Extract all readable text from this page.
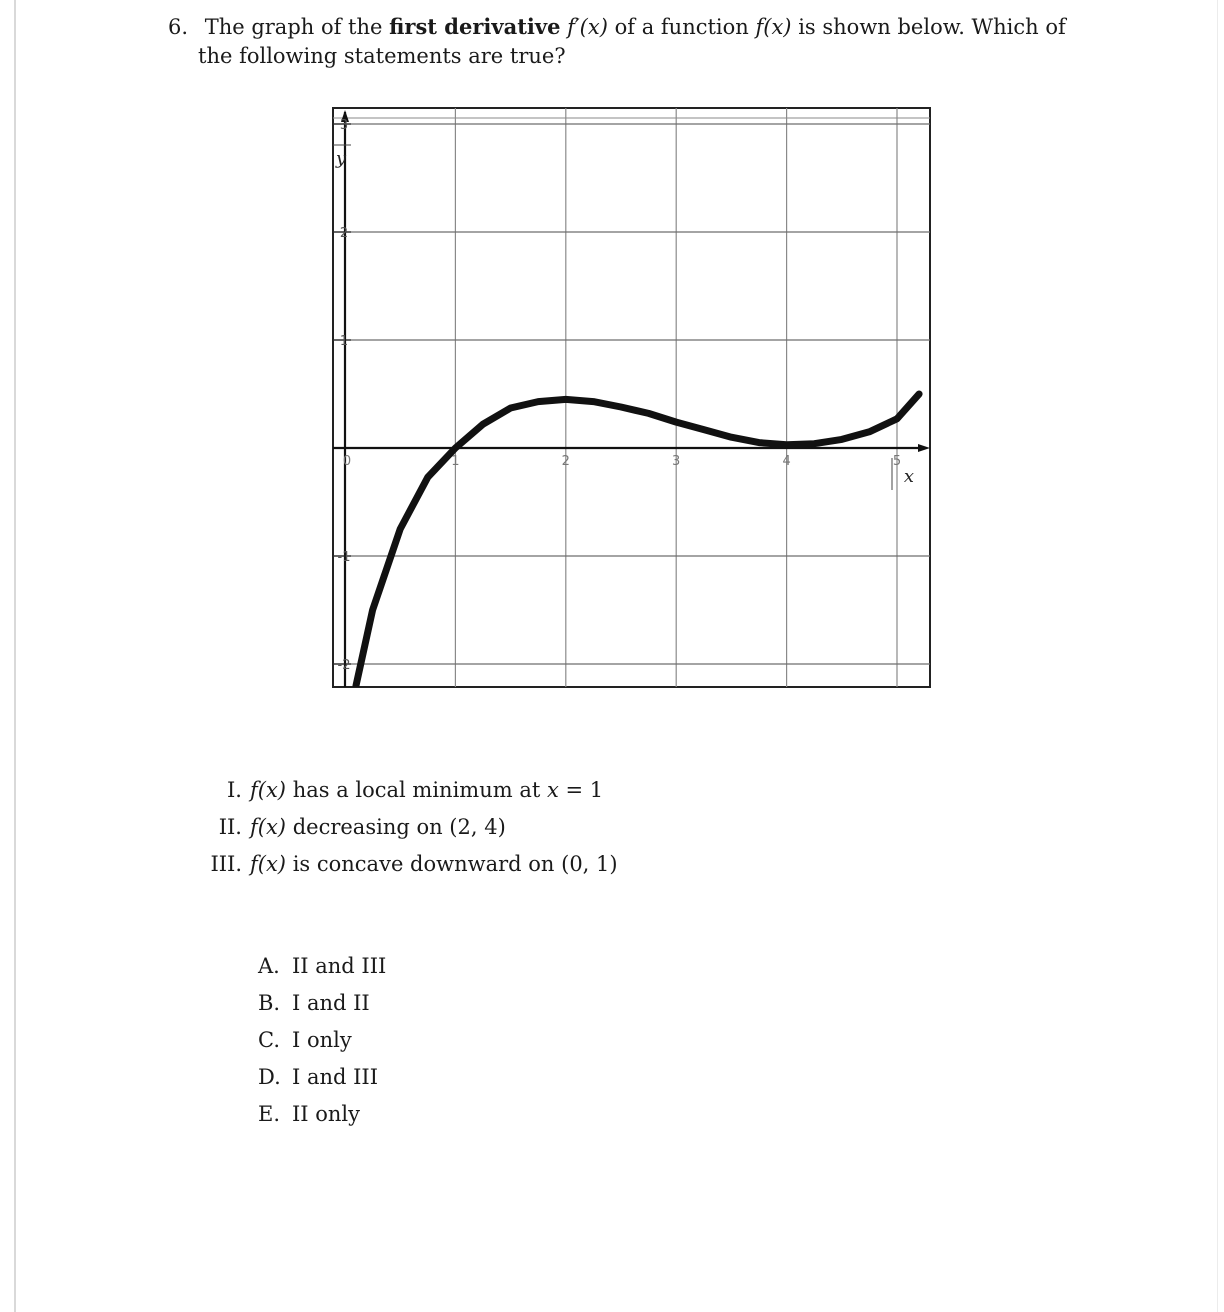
6. The graph of the first derivative f′(x) of a function f(x) is shown below. Which of
the following statements are true?
-2
-1
1
2
3
0	1	2	3	4	5
y
x
I. f(x) has a local minimum at x = 1
II. f(x) decreasing on (2, 4)
III. f(x) is concave downward on (0, 1)
A. II and III
B. I and II
C. I only
D. I and III
E. II only
